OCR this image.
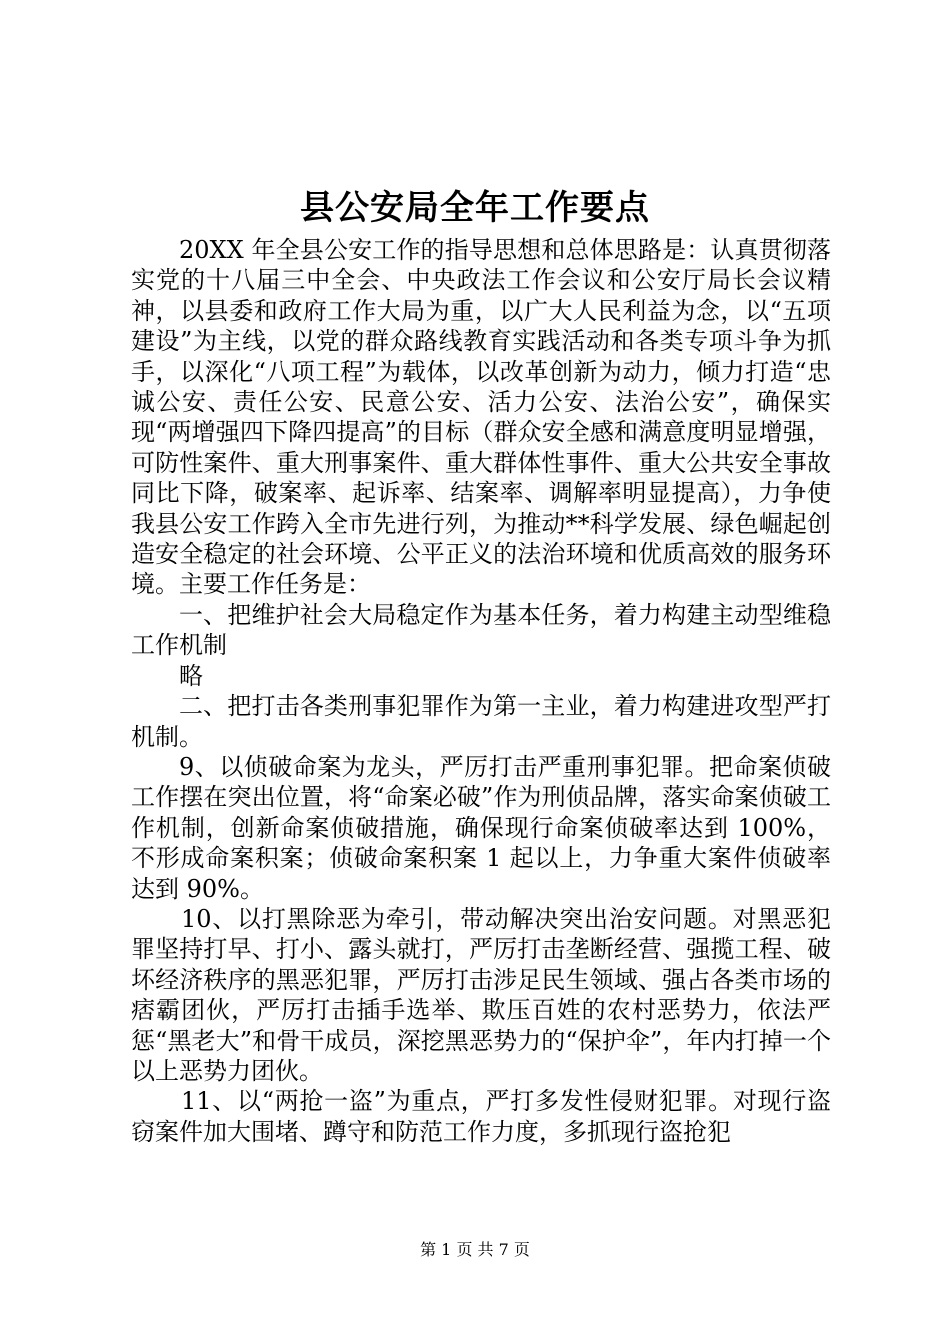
县公安局全年工作要点

20XX 年全县公安工作的指导思想和总体思路是：认真贯彻落实党的十八届三中全会、中央政法工作会议和公安厅局长会议精神，以县委和政府工作大局为重，以广大人民利益为念，以“五项建设”为主线，以党的群众路线教育实践活动和各类专项斗争为抓手，以深化“八项工程”为载体，以改革创新为动力，倾力打造“忠诚公安、责任公安、民意公安、活力公安、法治公安”，确保实现“两增强四下降四提高”的目标（群众安全感和满意度明显增强，可防性案件、重大刑事案件、重大群体性事件、重大公共安全事故同比下降，破案率、起诉率、结案率、调解率明显提高），力争使我县公安工作跨入全市先进行列，为推动**科学发展、绿色崛起创造安全稳定的社会环境、公平正义的法治环境和优质高效的服务环境。主要工作任务是：

一、把维护社会大局稳定作为基本任务，着力构建主动型维稳工作机制

略

二、把打击各类刑事犯罪作为第一主业，着力构建进攻型严打机制。

9、以侦破命案为龙头，严厉打击严重刑事犯罪。把命案侦破工作摆在突出位置，将“命案必破”作为刑侦品牌，落实命案侦破工作机制，创新命案侦破措施，确保现行命案侦破率达到 100%，不形成命案积案；侦破命案积案 1 起以上，力争重大案件侦破率达到 90%。

10、以打黑除恶为牵引，带动解决突出治安问题。对黑恶犯罪坚持打早、打小、露头就打，严厉打击垄断经营、强揽工程、破坏经济秩序的黑恶犯罪，严厉打击涉足民生领域、强占各类市场的痞霸团伙，严厉打击插手选举、欺压百姓的农村恶势力，依法严惩“黑老大”和骨干成员，深挖黑恶势力的“保护伞”，年内打掉一个以上恶势力团伙。

11、以“两抢一盗”为重点，严打多发性侵财犯罪。对现行盗窃案件加大围堵、蹲守和防范工作力度，多抓现行盗抢犯

第 1 页 共 7 页
